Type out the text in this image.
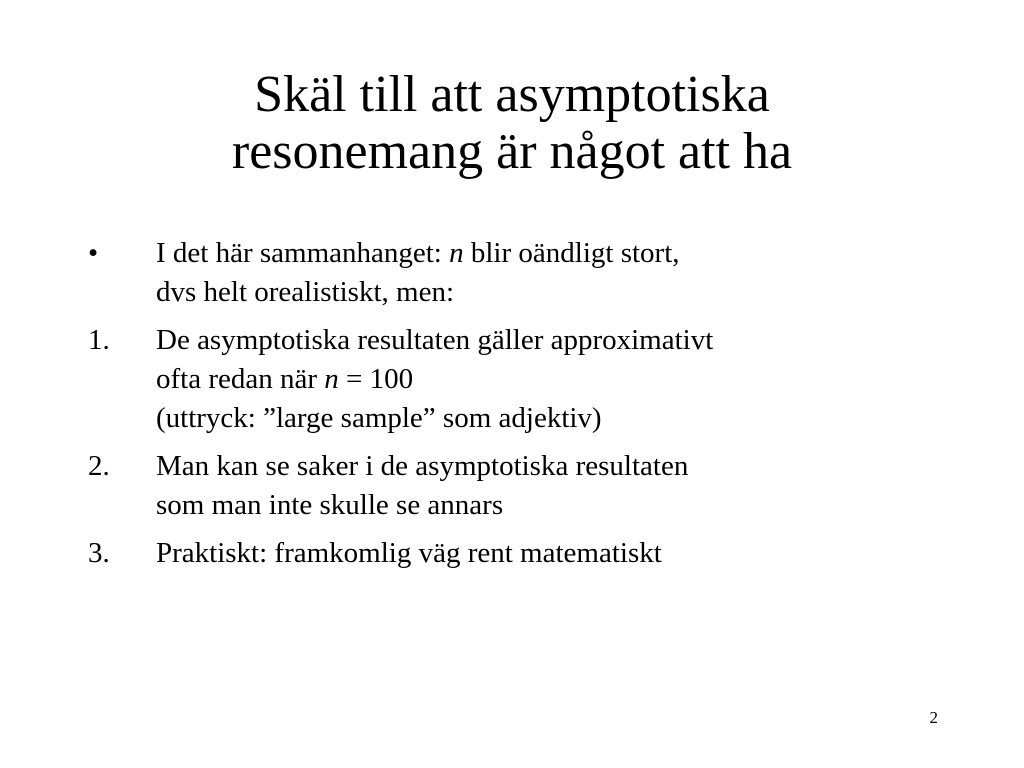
Skäl till att asymptotiska
resonemang är något att ha
• I det här sammanhanget: n blir oändligt stort,
dvs helt orealistiskt, men:
1. De asymptotiska resultaten gäller approximativt
ofta redan när n = 100
(uttryck: ”large sample” som adjektiv)
2. Man kan se saker i de asymptotiska resultaten
som man inte skulle se annars
3. Praktiskt: framkomlig väg rent matematiskt
2
